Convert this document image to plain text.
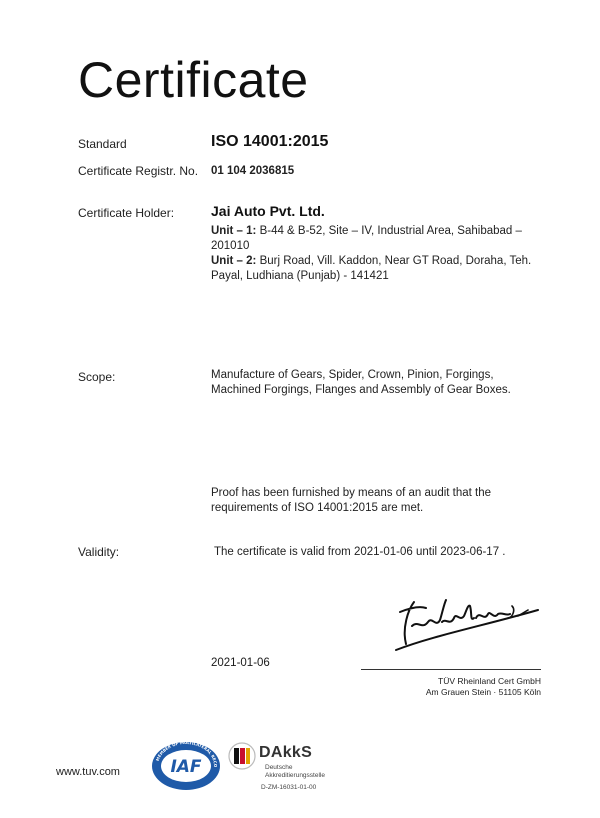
Certificate
Standard	ISO 14001:2015
Certificate Registr. No. 01 104 2036815
Certificate Holder:	Jai Auto Pvt. Ltd.
Unit – 1: B-44 & B-52, Site – IV, Industrial Area, Sahibabad – 201010
Unit – 2: Burj Road, Vill. Kaddon, Near GT Road, Doraha, Teh. Payal, Ludhiana (Punjab) - 141421
Scope:	Manufacture of Gears, Spider, Crown, Pinion, Forgings, Machined Forgings, Flanges and Assembly of Gear Boxes.
Proof has been furnished by means of an audit that the requirements of ISO 14001:2015 are met.
Validity:	The certificate is valid from 2021-01-06 until 2023-06-17 .
2021-01-06
TÜV Rheinland Cert GmbH
Am Grauen Stein · 51105 Köln
www.tuv.com
MEMBER OF MULTILATERAL RECO
IAF
DAkkS
Deutsche
Akkreditierungsstelle
D-ZM-16031-01-00
